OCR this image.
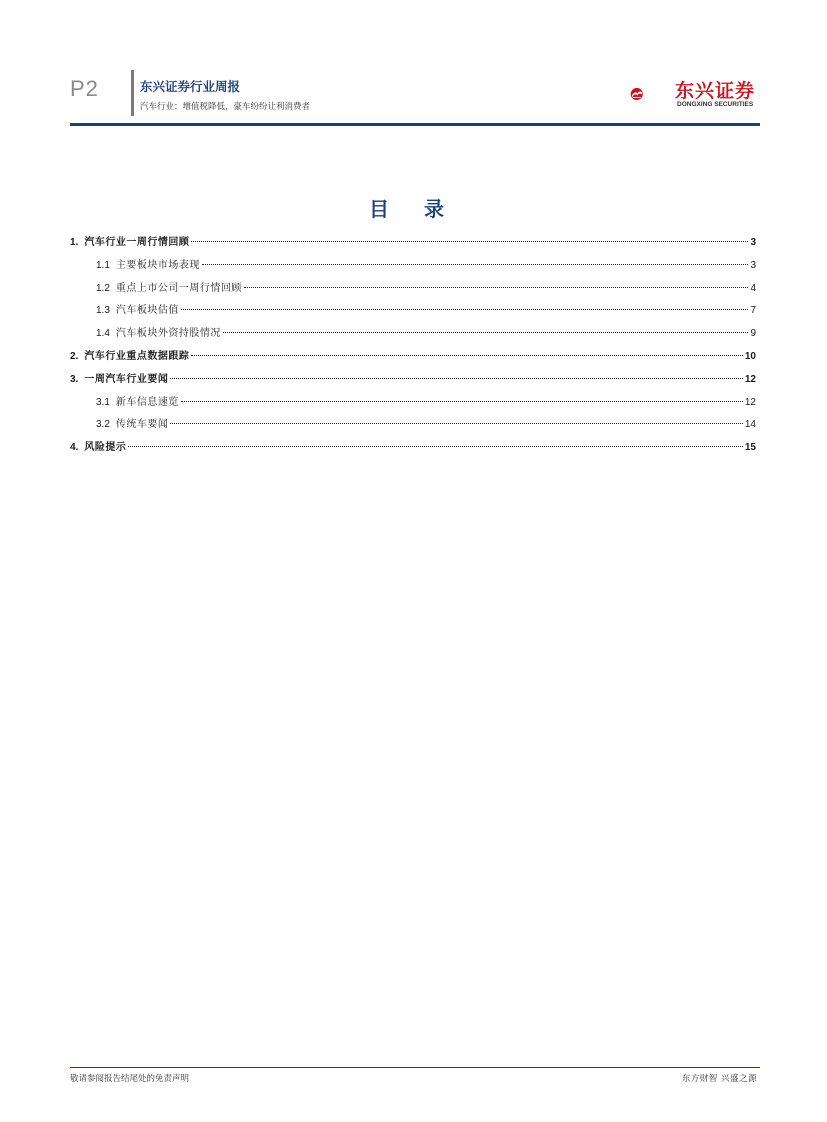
P2	东兴证券行业周报
汽车行业：增值税降低，豪车纷纷让利消费者
东兴证券
DONGXING SECURITIES
目 录
1. 汽车行业一周行情回顾	3
1.1 主要板块市场表现	3
1.2 重点上市公司一周行情回顾	4
1.3 汽车板块估值	7
1.4 汽车板块外资持股情况	9
2. 汽车行业重点数据跟踪	10
3. 一周汽车行业要闻	12
3.1 新车信息速览	12
3.2 传统车要闻	14
4. 风险提示	15
敬请参阅报告结尾处的免责声明	东方财智 兴盛之源
